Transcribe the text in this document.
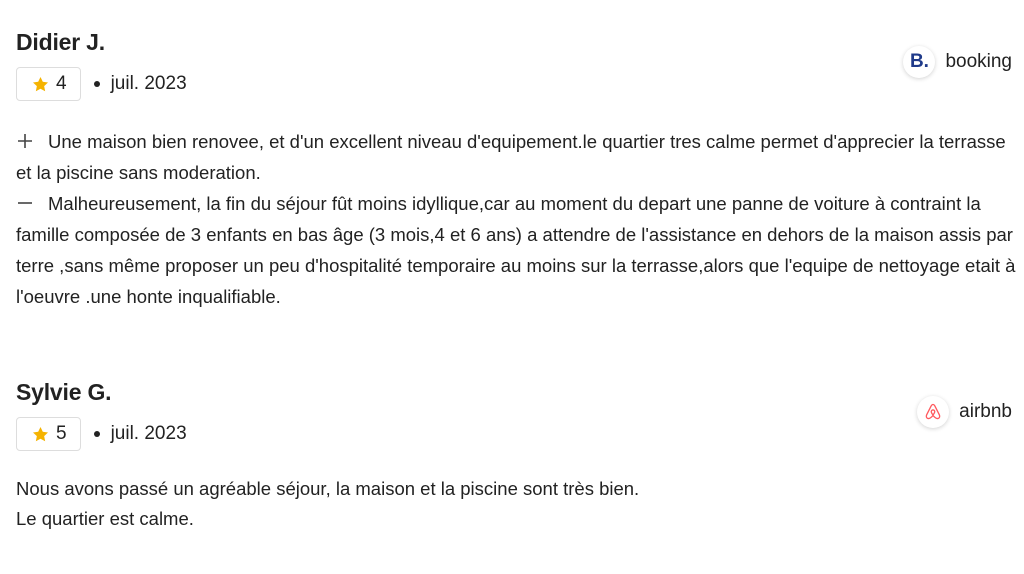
Didier J.
4 juil. 2023
B. booking
Une maison bien renovee, et d'un excellent niveau d'equipement.le quartier tres calme permet d'apprecier la terrasse et la piscine sans moderation.
Malheureusement, la fin du séjour fût moins idyllique,car au moment du depart une panne de voiture à contraint la famille composée de 3 enfants en bas âge (3 mois,4 et 6 ans) a attendre de l'assistance en dehors de la maison assis par terre ,sans même proposer un peu d'hospitalité temporaire au moins sur la terrasse,alors que l'equipe de nettoyage etait à l'oeuvre .une honte inqualifiable.
Sylvie G.
5 juil. 2023
airbnb
Nous avons passé un agréable séjour, la maison et la piscine sont très bien.
Le quartier est calme.
